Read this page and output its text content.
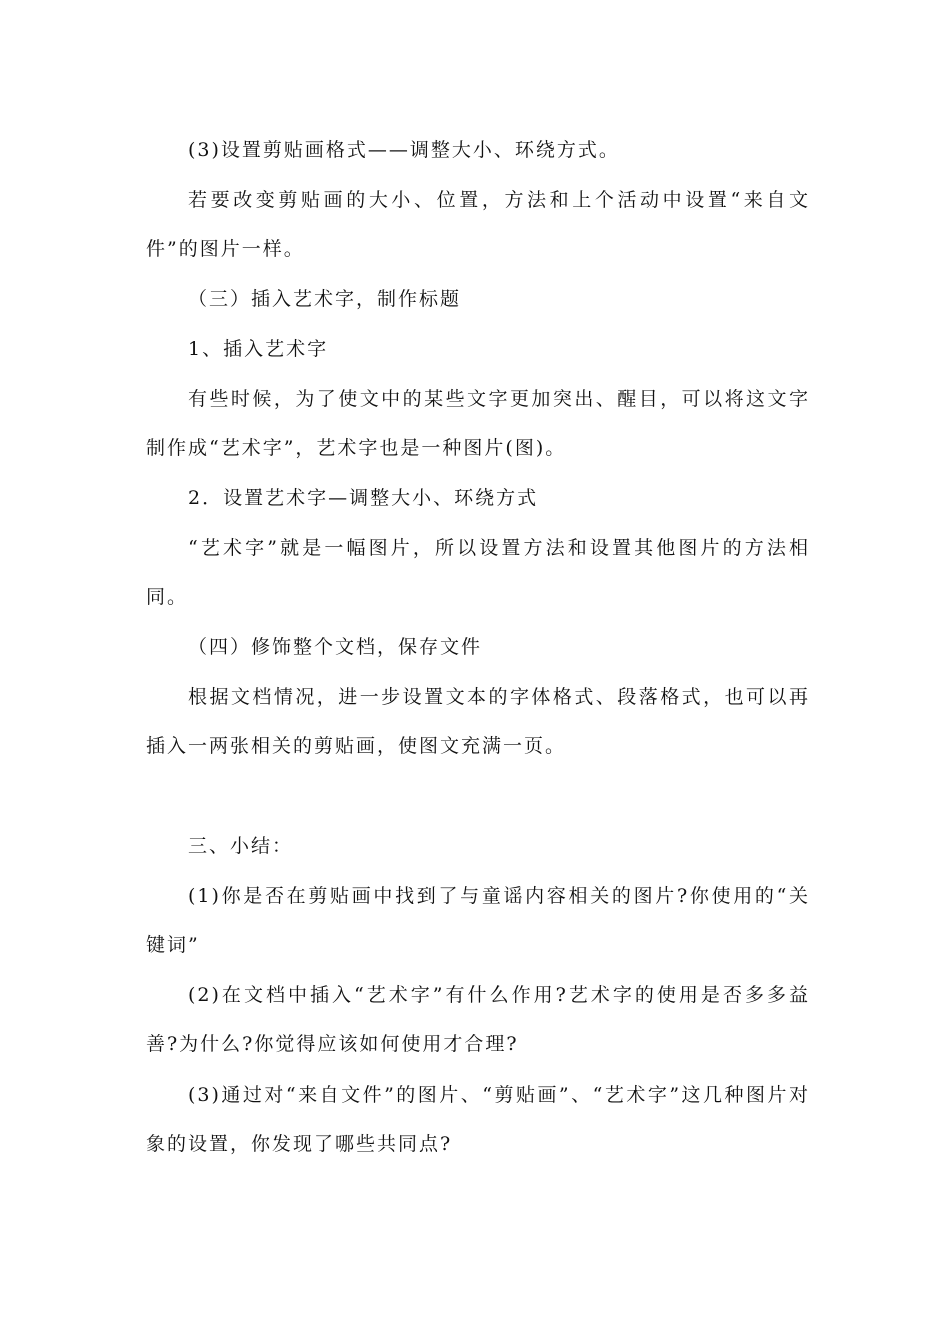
(3)设置剪贴画格式——调整大小、环绕方式。
若要改变剪贴画的大小、位置，方法和上个活动中设置“来自文件”的图片一样。
（三）插入艺术字，制作标题
1、插入艺术字
有些时候，为了使文中的某些文字更加突出、醒目，可以将这文字制作成“艺术字”，艺术字也是一种图片(图)。
2．设置艺术字—调整大小、环绕方式
“艺术字”就是一幅图片，所以设置方法和设置其他图片的方法相同。
（四）修饰整个文档，保存文件
根据文档情况，进一步设置文本的字体格式、段落格式，也可以再插入一两张相关的剪贴画，使图文充满一页。
三、小结：
(1)你是否在剪贴画中找到了与童谣内容相关的图片?你使用的“关键词”
(2)在文档中插入“艺术字”有什么作用?艺术字的使用是否多多益善?为什么?你觉得应该如何使用才合理?
(3)通过对“来自文件”的图片、“剪贴画”、“艺术字”这几种图片对象的设置，你发现了哪些共同点?
